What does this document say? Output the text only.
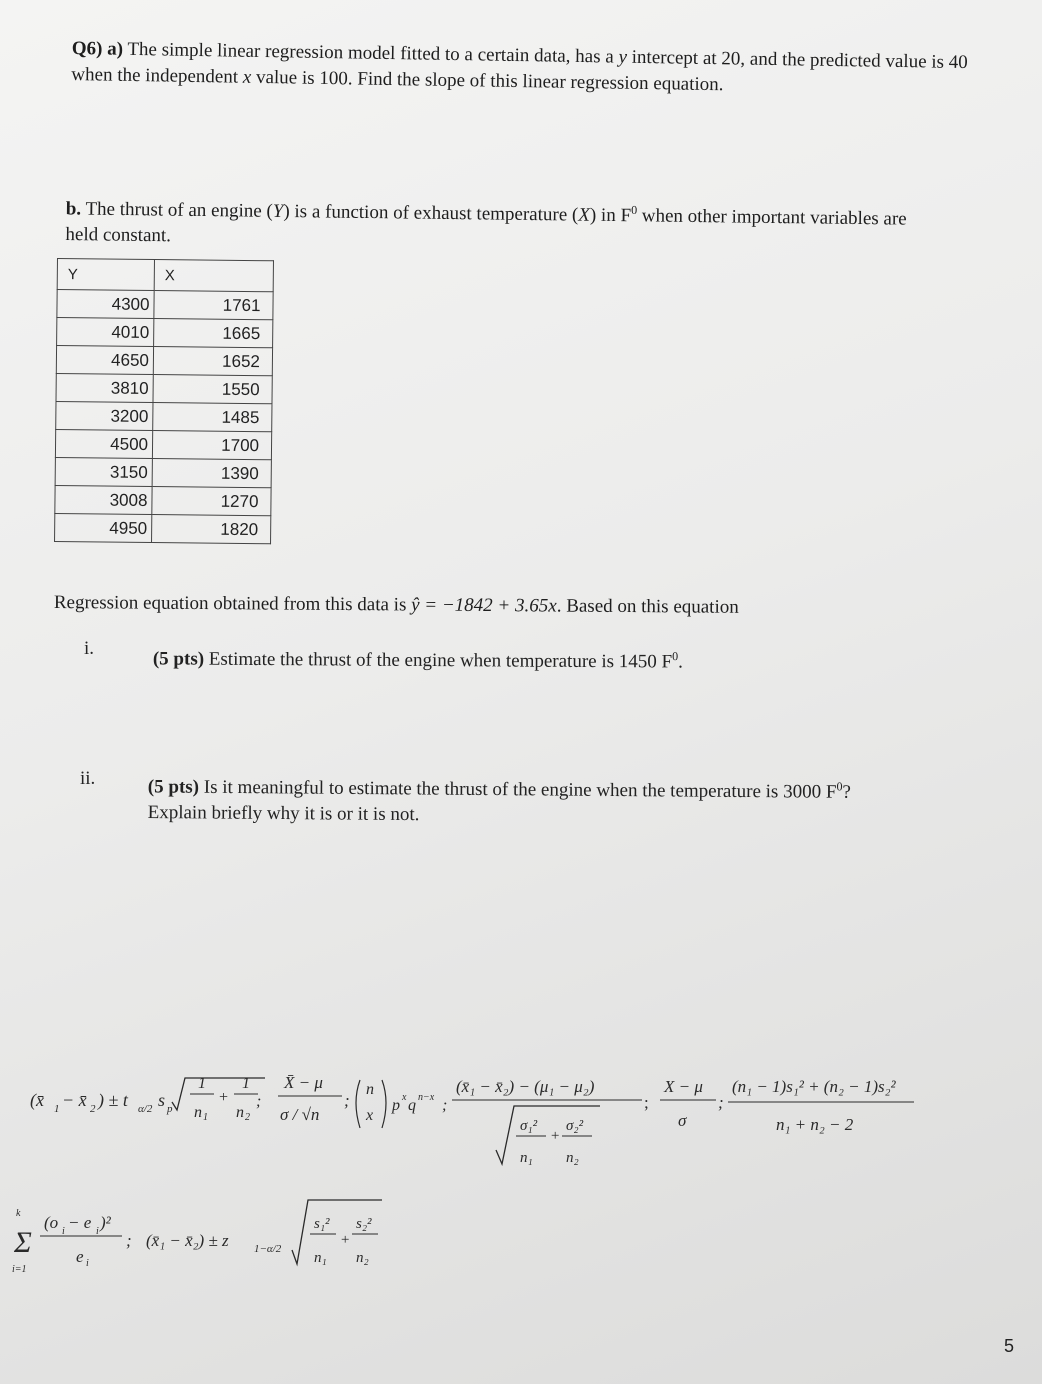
Q6) a) The simple linear regression model fitted to a certain data, has a y intercept at 20, and the predicted value is 40 when the independent x value is 100. Find the slope of this linear regression equation.
b. The thrust of an engine (Y) is a function of exhaust temperature (X) in $F^0$ when other important variables are held constant.
Y	X
4300	1761
4010	1665
4650	1652
3810	1550
3200	1485
4500	1700
3150	1390
3008	1270
4950	1820
Regression equation obtained from this data is ŷ = −1842 + 3.65x. Based on this equation
i.	(5 pts) Estimate the thrust of the engine when temperature is 1450 $F^0$.
ii.	(5 pts) Is it meaningful to estimate the thrust of the engine when the temperature is 3000 $F^0$?
Explain briefly why it is or it is not.
(x̄ 1 − x̄ 2 ) ± t α/2 s p
1 1
n 1
+
n 2
;
X̄ − μ
σ / √n
;
n
x
p x q n−x ;
(x̄₁ − x̄₂) − (μ₁ − μ₂)
σ₁² σ₂²
+
n₁ n₂
;
X − μ
σ
;
(n₁ − 1)s₁² + (n₂ − 1)s₂²
n₁ + n₂ − 2
Σ
k
i=1
(o i − e i )²
e i
; (x̄₁ − x̄₂) ± z 1−α/2
s₁² s₂²
+
n₁ n₂
5
